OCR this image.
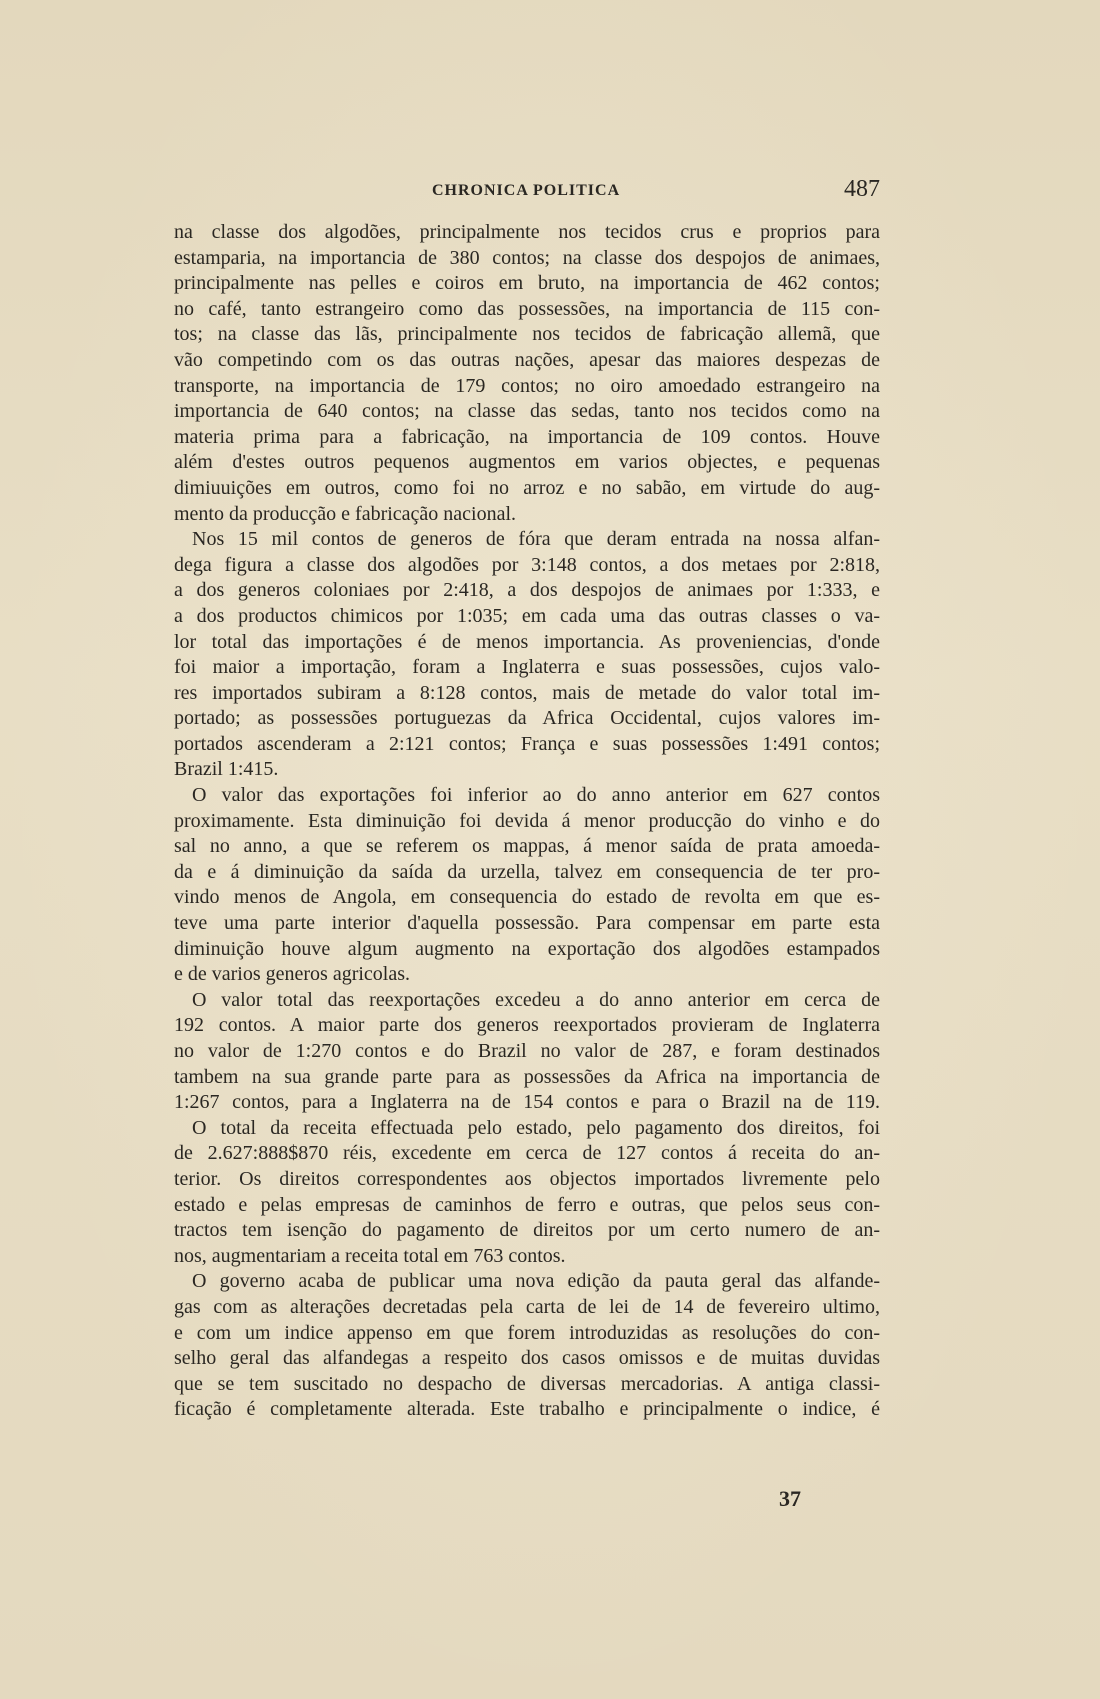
CHRONICA POLITICA	487
na classe dos algodões, principalmente nos tecidos crus e proprios para
estamparia, na importancia de 380 contos; na classe dos despojos de animaes,
principalmente nas pelles e coiros em bruto, na importancia de 462 contos;
no café, tanto estrangeiro como das possessões, na importancia de 115 con-
tos; na classe das lãs, principalmente nos tecidos de fabricação allemã, que
vão competindo com os das outras nações, apesar das maiores despezas de
transporte, na importancia de 179 contos; no oiro amoedado estrangeiro na
importancia de 640 contos; na classe das sedas, tanto nos tecidos como na
materia prima para a fabricação, na importancia de 109 contos. Houve
além d'estes outros pequenos augmentos em varios objectes, e pequenas
dimiuuições em outros, como foi no arroz e no sabão, em virtude do aug-
mento da producção e fabricação nacional.
Nos 15 mil contos de generos de fóra que deram entrada na nossa alfan-
dega figura a classe dos algodões por 3:148 contos, a dos metaes por 2:818,
a dos generos coloniaes por 2:418, a dos despojos de animaes por 1:333, e
a dos productos chimicos por 1:035; em cada uma das outras classes o va-
lor total das importações é de menos importancia. As proveniencias, d'onde
foi maior a importação, foram a Inglaterra e suas possessões, cujos valo-
res importados subiram a 8:128 contos, mais de metade do valor total im-
portado; as possessões portuguezas da Africa Occidental, cujos valores im-
portados ascenderam a 2:121 contos; França e suas possessões 1:491 contos;
Brazil 1:415.
O valor das exportações foi inferior ao do anno anterior em 627 contos
proximamente. Esta diminuição foi devida á menor producção do vinho e do
sal no anno, a que se referem os mappas, á menor saída de prata amoeda-
da e á diminuição da saída da urzella, talvez em consequencia de ter pro-
vindo menos de Angola, em consequencia do estado de revolta em que es-
teve uma parte interior d'aquella possessão. Para compensar em parte esta
diminuição houve algum augmento na exportação dos algodões estampados
e de varios generos agricolas.
O valor total das reexportações excedeu a do anno anterior em cerca de
192 contos. A maior parte dos generos reexportados provieram de Inglaterra
no valor de 1:270 contos e do Brazil no valor de 287, e foram destinados
tambem na sua grande parte para as possessões da Africa na importancia de
1:267 contos, para a Inglaterra na de 154 contos e para o Brazil na de 119.
O total da receita effectuada pelo estado, pelo pagamento dos direitos, foi
de 2.627:888$870 réis, excedente em cerca de 127 contos á receita do an-
terior. Os direitos correspondentes aos objectos importados livremente pelo
estado e pelas empresas de caminhos de ferro e outras, que pelos seus con-
tractos tem isenção do pagamento de direitos por um certo numero de an-
nos, augmentariam a receita total em 763 contos.
O governo acaba de publicar uma nova edição da pauta geral das alfande-
gas com as alterações decretadas pela carta de lei de 14 de fevereiro ultimo,
e com um indice appenso em que forem introduzidas as resoluções do con-
selho geral das alfandegas a respeito dos casos omissos e de muitas duvidas
que se tem suscitado no despacho de diversas mercadorias. A antiga classi-
ficação é completamente alterada. Este trabalho e principalmente o indice, é
37
